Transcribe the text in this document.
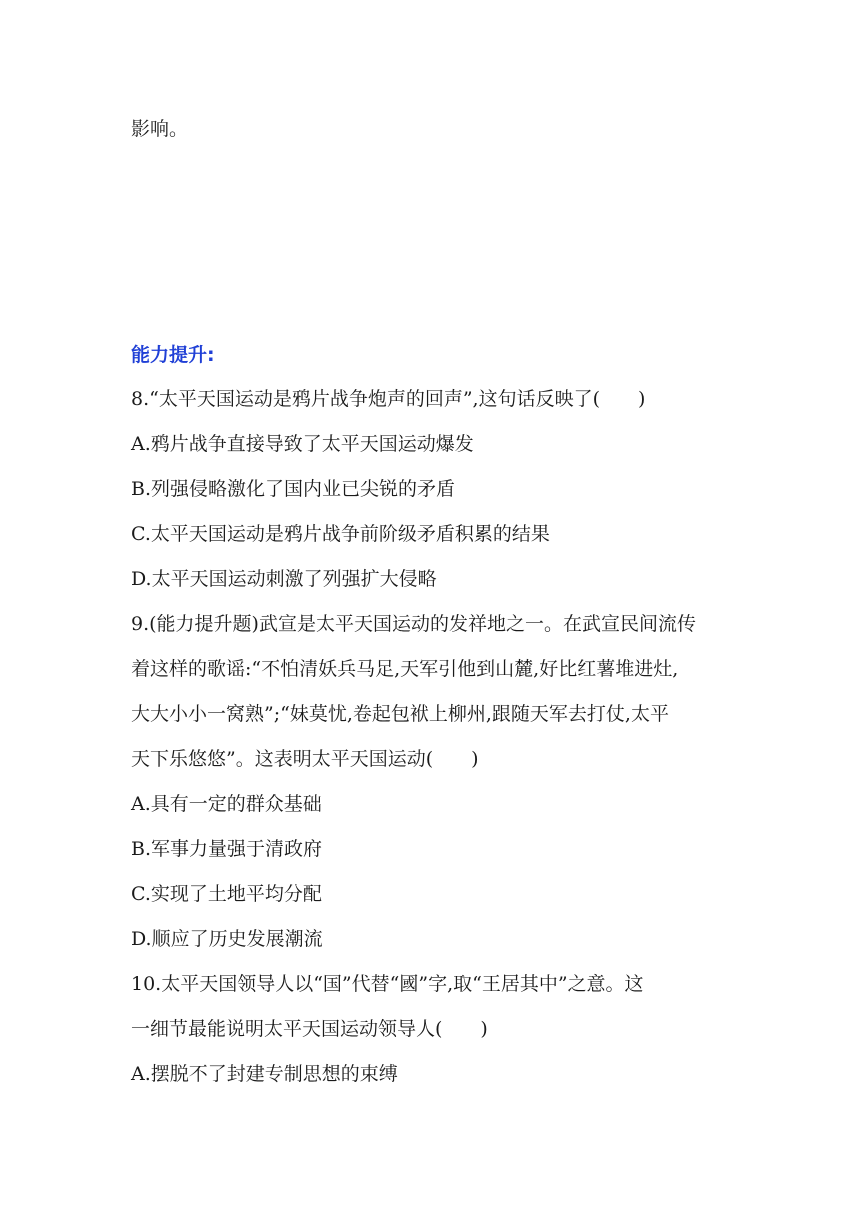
影响。

能力提升:

8.“太平天国运动是鸦片战争炮声的回声”,这句话反映了(　　)

A.鸦片战争直接导致了太平天国运动爆发

B.列强侵略激化了国内业已尖锐的矛盾

C.太平天国运动是鸦片战争前阶级矛盾积累的结果

D.太平天国运动刺激了列强扩大侵略

9.(能力提升题)武宣是太平天国运动的发祥地之一。在武宣民间流传

着这样的歌谣:“不怕清妖兵马足,天军引他到山麓,好比红薯堆进灶,

大大小小一窝熟”;“妹莫忧,卷起包袱上柳州,跟随天军去打仗,太平

天下乐悠悠”。这表明太平天国运动(　　)

A.具有一定的群众基础

B.军事力量强于清政府

C.实现了土地平均分配

D.顺应了历史发展潮流

10.太平天国领导人以“国”代替“國”字,取“王居其中”之意。这

一细节最能说明太平天国运动领导人(　　)

A.摆脱不了封建专制思想的束缚
